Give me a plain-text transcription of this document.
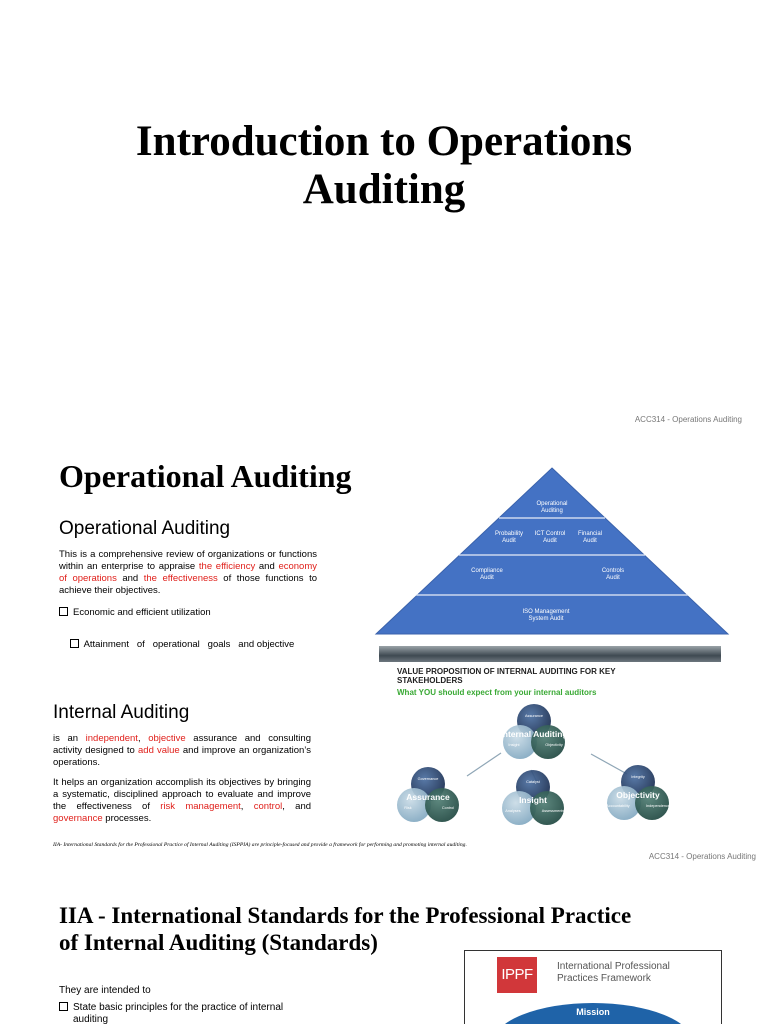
Introduction to Operations
Auditing
ACC314 - Operations Auditing
Operational Auditing
Operational Auditing

This is a comprehensive review of organizations or functions within an enterprise to appraise the efficiency and economy of operations and the effectiveness of those functions to achieve their objectives.

Economic and efficient utilization

Attainment   of   operational   goals   and objective

Internal Auditing

is an independent, objective assurance and consulting activity designed to add value and improve an organization’s operations.

It helps an organization accomplish its objectives by bringing a systematic, disciplined approach to evaluate and improve the effectiveness of risk management, control, and governance processes.

IIA- International Standards for the Professional Practice of Internal Auditing (ISPPIA) are principle-focused and provide a framework for performing and promoting internal auditing.
ACC314 - Operations Auditing
Operational
Auditing
Probability
Audit
ICT Control
Audit
Financial
Audit
Compliance
Audit
Controls
Audit
ISO Management
System Audit
VALUE PROPOSITION OF INTERNAL AUDITING FOR KEY
STAKEHOLDERS
What YOU should expect from your internal auditors
Assurance
Insight	Objectivity
Internal Auditing
Governance
Risk	Control
Assurance
Catalyst
Analyses	Assessments
Insight
Integrity
Accountability	Independence
Objectivity
IIA - International Standards for the Professional Practice
of Internal Auditing (Standards)
They are intended to
State basic principles for the practice of internal
auditing
IPPF	International Professional
Practices Framework
Mission
